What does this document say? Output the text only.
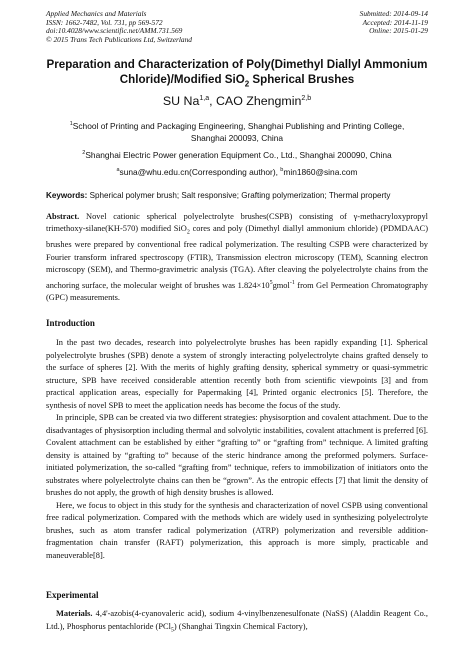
Applied Mechanics and Materials
ISSN: 1662-7482, Vol. 731, pp 569-572
doi:10.4028/www.scientific.net/AMM.731.569
© 2015 Trans Tech Publications Ltd, Switzerland
Submitted: 2014-09-14
Accepted: 2014-11-19
Online: 2015-01-29
Preparation and Characterization of Poly(Dimethyl Diallyl Ammonium
Chloride)/Modified SiO$_2$ Spherical Brushes
SU Na$^{1,a}$, CAO Zhengmin$^{2,b}$
$^1$School of Printing and Packaging Engineering, Shanghai Publishing and Printing College,
Shanghai 200093, China
$^2$Shanghai Electric Power generation Equipment Co., Ltd., Shanghai 200090, China
$^a$suna@whu.edu.cn(Corresponding author), $^b$min1860@sina.com
Keywords: Spherical polymer brush; Salt responsive; Grafting polymerization; Thermal property
Abstract. Novel cationic spherical polyelectrolyte brushes(CSPB) consisting of γ-methacryloxypropyl trimethoxy-silane(KH-570) modified SiO$_2$ cores and poly (Dimethyl diallyl ammonium chloride) (PDMDAAC) brushes were prepared by conventional free radical polymerization. The resulting CSPB were characterized by Fourier transform infrared spectroscopy (FTIR), Transmission electron microscopy (TEM), Scanning electron microscopy (SEM), and Thermo-gravimetric analysis (TGA). After cleaving the polyelectrolyte chains from the anchoring surface, the molecular weight of brushes was $1.824\times 10^5gmol^{-1}$ from Gel Permeation Chromatography (GPC) measurements.
Introduction

In the past two decades, research into polyelectrolyte brushes has been rapidly expanding [1]. Spherical polyelectrolyte brushes (SPB) denote a system of strongly interacting polyelectrolyte chains grafted densely to the surface of spheres [2]. With the merits of highly grafting density, spherical symmetry or quasi-symmetric structure, SPB have received considerable attention recently both from scientific viewpoints [3] and from practical application areas, especially for Papermaking [4], Printed organic electronics [5]. Therefore, the synthesis of novel SPB to meet the application needs has become the focus of the study.

In principle, SPB can be created via two different strategies: physisorption and covalent attachment. Due to the disadvantages of physisorption including thermal and solvolytic instabilities, covalent attachment is preferred [6]. Covalent attachment can be established by either “grafting to” or “grafting from” technique. A limited grafting density is attained by “grafting to” because of the steric hindrance among the preformed polymers. Surface-initiated polymerization, the so-called “grafting from” technique, refers to immobilization of initiators onto the substrates where polyelectrolyte chains can then be “grown”. As the entropic effects [7] that limit the density of brushes do not apply, the growth of high density brushes is allowed.

Here, we focus to object in this study for the synthesis and characterization of novel CSPB using conventional free radical polymerization. Compared with the methods which are widely used in synthesizing polyelectrolyte brushes, such as atom transfer radical polymerization (ATRP) polymerization and reversible addition-fragmentation chain transfer (RAFT) polymerization, this approach is more simply, practicable and maneuverable[8].

Experimental

Materials. 4,4'-azobis(4-cyanovaleric acid), sodium 4-vinylbenzenesulfonate (NaSS) (Aladdin Reagent Co., Ltd.), Phosphorus pentachloride (PCl$_5$) (Shanghai Tingxin Chemical Factory),
